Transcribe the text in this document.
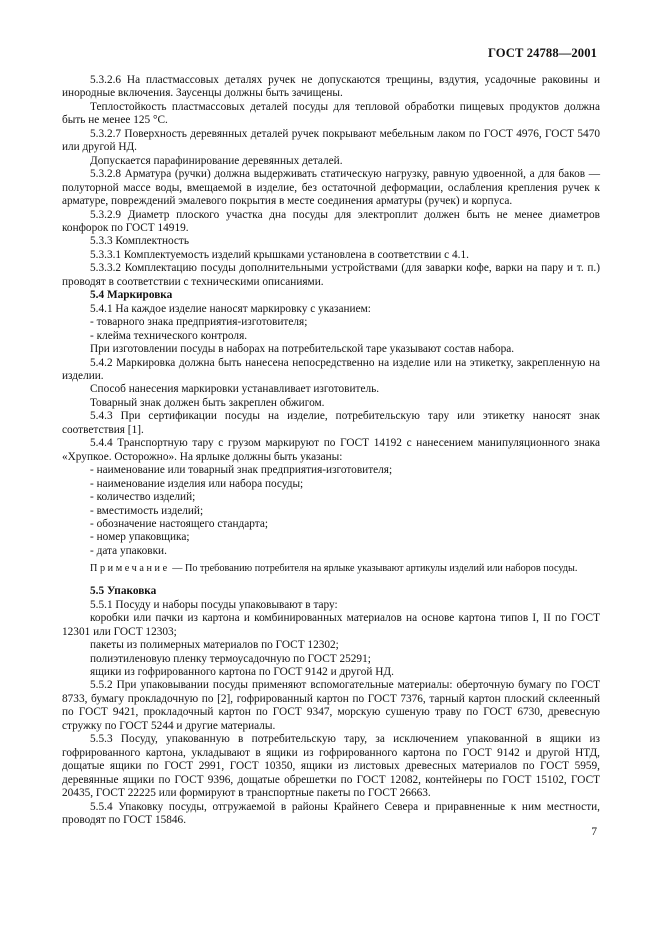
ГОСТ 24788—2001

5.3.2.6 На пластмассовых деталях ручек не допускаются трещины, вздутия, усадочные раковины и инородные включения. Заусенцы должны быть зачищены.

Теплостойкость пластмассовых деталей посуды для тепловой обработки пищевых продуктов должна быть не менее 125 °С.

5.3.2.7 Поверхность деревянных деталей ручек покрывают мебельным лаком по ГОСТ 4976, ГОСТ 5470 или другой НД.

Допускается парафинирование деревянных деталей.

5.3.2.8 Арматура (ручки) должна выдерживать статическую нагрузку, равную удвоенной, а для баков — полуторной массе воды, вмещаемой в изделие, без остаточной деформации, ослабления крепления ручек к арматуре, повреждений эмалевого покрытия в месте соединения арматуры (ручек) и корпуса.

5.3.2.9 Диаметр плоского участка дна посуды для электроплит должен быть не менее диаметров конфорок по ГОСТ 14919.

5.3.3 Комплектность

5.3.3.1 Комплектуемость изделий крышками установлена в соответствии с 4.1.

5.3.3.2 Комплектацию посуды дополнительными устройствами (для заварки кофе, варки на пару и т. п.) проводят в соответствии с техническими описаниями.

5.4 Маркировка

5.4.1 На каждое изделие наносят маркировку с указанием:

- товарного знака предприятия-изготовителя;

- клейма технического контроля.

При изготовлении посуды в наборах на потребительской таре указывают состав набора.

5.4.2 Маркировка должна быть нанесена непосредственно на изделие или на этикетку, закрепленную на изделии.

Способ нанесения маркировки устанавливает изготовитель.

Товарный знак должен быть закреплен обжигом.

5.4.3 При сертификации посуды на изделие, потребительскую тару или этикетку наносят знак соответствия [1].

5.4.4 Транспортную тару с грузом маркируют по ГОСТ 14192 с нанесением манипуляционного знака «Хрупкое. Осторожно». На ярлыке должны быть указаны:

- наименование или товарный знак предприятия-изготовителя;

- наименование изделия или набора посуды;

- количество изделий;

- вместимость изделий;

- обозначение настоящего стандарта;

- номер упаковщика;

- дата упаковки.

Примечание — По требованию потребителя на ярлыке указывают артикулы изделий или наборов посуды.

5.5 Упаковка

5.5.1 Посуду и наборы посуды упаковывают в тару:

коробки или пачки из картона и комбинированных материалов на основе картона типов I, II по ГОСТ 12301 или ГОСТ 12303;

пакеты из полимерных материалов по ГОСТ 12302;

полиэтиленовую пленку термоусадочную по ГОСТ 25291;

ящики из гофрированного картона по ГОСТ 9142 и другой НД.

5.5.2 При упаковывании посуды применяют вспомогательные материалы: оберточную бумагу по ГОСТ 8733, бумагу прокладочную по [2], гофрированный картон по ГОСТ 7376, тарный картон плоский склеенный по ГОСТ 9421, прокладочный картон по ГОСТ 9347, морскую сушеную траву по ГОСТ 6730, древесную стружку по ГОСТ 5244 и другие материалы.

5.5.3 Посуду, упакованную в потребительскую тару, за исключением упакованной в ящики из гофрированного картона, укладывают в ящики из гофрированного картона по ГОСТ 9142 и другой НТД, дощатые ящики по ГОСТ 2991, ГОСТ 10350, ящики из листовых древесных материалов по ГОСТ 5959, деревянные ящики по ГОСТ 9396, дощатые обрешетки по ГОСТ 12082, контейнеры по ГОСТ 15102, ГОСТ 20435, ГОСТ 22225 или формируют в транспортные пакеты по ГОСТ 26663.

5.5.4 Упаковку посуды, отгружаемой в районы Крайнего Севера и приравненные к ним местности, проводят по ГОСТ 15846.

7
